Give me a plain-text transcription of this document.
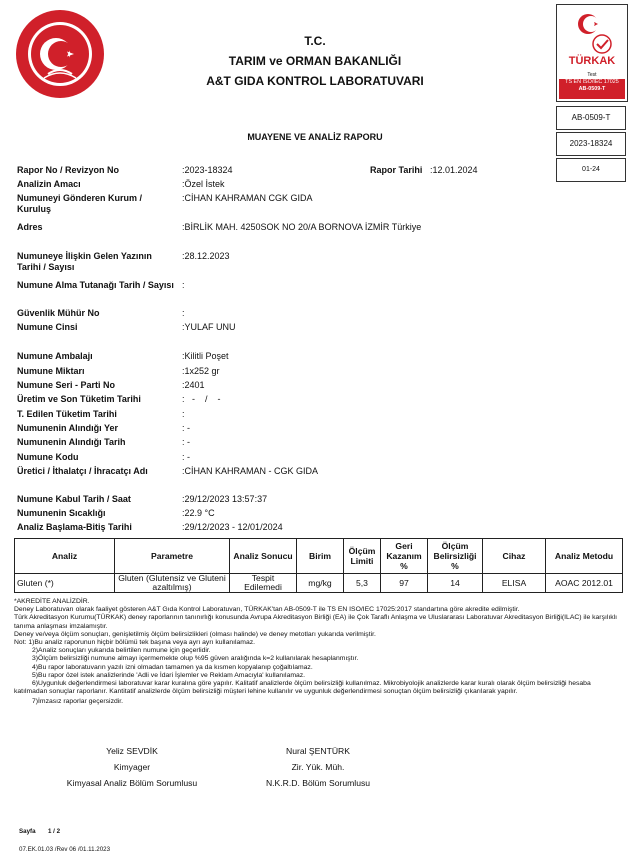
T.C.
TARIM ve ORMAN BAKANLIĞI
A&T GIDA KONTROL LABORATUVARI
TÜRKAK
Test
TS EN ISO/IEC 17025
AB-0509-T
AB-0509-T
2023-18324
01-24
MUAYENE VE ANALİZ RAPORU
Rapor Tarihi :12.01.2024
Rapor No / Revizyon No	:2023-18324
Analizin Amacı	:Özel İstek
Numuneyi Gönderen Kurum / Kuruluş
:CİHAN KAHRAMAN CGK GIDA
Adres	:BİRLİK MAH. 4250SOK NO 20/A BORNOVA İZMİR Türkiye
Numuneye İlişkin Gelen Yazının Tarihi / Sayısı
:28.12.2023
Numune Alma Tutanağı Tarih / Sayısı :
Güvenlik Mühür No	:
Numune Cinsi	:YULAF UNU
Numune Ambalajı	:Kilitli Poşet
Numune Miktarı	:1x252 gr
Numune Seri - Parti No	:2401
Üretim ve Son Tüketim Tarihi	:   -    /    -
T. Edilen Tüketim Tarihi	:
Numunenin Alındığı Yer	: -
Numunenin Alındığı Tarih	: -
Numune Kodu	: -
Üretici / İthalatçı / İhracatçı Adı	:CİHAN KAHRAMAN - CGK GIDA
Numune Kabul Tarih / Saat	:29/12/2023 13:57:37
Numunenin Sıcaklığı	:22.9 °C
Analiz Başlama-Bitiş Tarihi	:29/12/2023 - 12/01/2024
Analiz	Parametre	Analiz Sonucu	Birim	Ölçüm Limiti	Geri Kazanım %	Ölçüm Belirsizliği %	Cihaz	Analiz Metodu
Gluten (*)	Gluten (Glutensiz ve Gluteni azaltılmış)	Tespit Edilemedi	mg/kg	5,3	97	14	ELISA	AOAC 2012.01

*AKREDİTE ANALİZDİR.

Deney Laboratuvarı olarak faaliyet gösteren A&T Gıda Kontrol Laboratuvarı, TÜRKAK'tan AB-0509-T ile TS EN ISO/IEC 17025:2017 standartına göre akredite edilmiştir.

Türk Akreditasyon Kurumu(TÜRKAK) deney raporlarının tanınırlığı konusunda Avrupa Akreditasyon Birliği (EA) ile Çok Taraflı Anlaşma ve Uluslararası Laboratuvar Akreditasyon Birliği(ILAC) ile karşılıklı tanıma anlaşması imzalamıştır.

Deney ve/veya ölçüm sonuçları, genişletilmiş ölçüm belirsizlikleri (olması halinde) ve deney metotları yukarıda verilmiştir.

Not: 1)Bu analiz raporunun hiçbir bölümü tek başına veya ayrı ayrı kullanılamaz.

2)Analiz sonuçları yukarıda belirtilen numune için geçerlidir.

3)Ölçüm belirsizliği numune almayı içermemekte olup %95 güven aralığında k=2 kullanılarak hesaplanmıştır.

4)Bu rapor laboratuvarın yazılı izni olmadan tamamen ya da kısmen kopyalanıp çoğaltılamaz.

5)Bu rapor özel istek analizlerinde 'Adli ve İdari İşlemler ve Reklam Amacıyla' kullanılamaz.

6)Uygunluk değerlendirmesi laboratuvar karar kuralına göre yapılır. Kalitatif analizlerde ölçüm belirsizliği kullanılmaz. Mikrobiyolojik analizlerde karar kuralı olarak ölçüm belirsizliği hesaba katılmadan sonuçlar raporlanır. Kantitatif analizlerde ölçüm belirsizliği müşteri lehine kullanılır ve uygunluk değerlendirmesi sonuçtan ölçüm belirsizliği çıkarılarak yapılır.

7)İmzasız raporlar geçersizdir.

Yeliz SEVDİK
Kimyager
Kimyasal Analiz Bölüm Sorumlusu
Nural ŞENTÜRK
Zir. Yük. Müh.
N.K.R.D. Bölüm Sorumlusu
Sayfa 1 / 2
07.EK.01.03 /Rev 06 /01.11.2023
